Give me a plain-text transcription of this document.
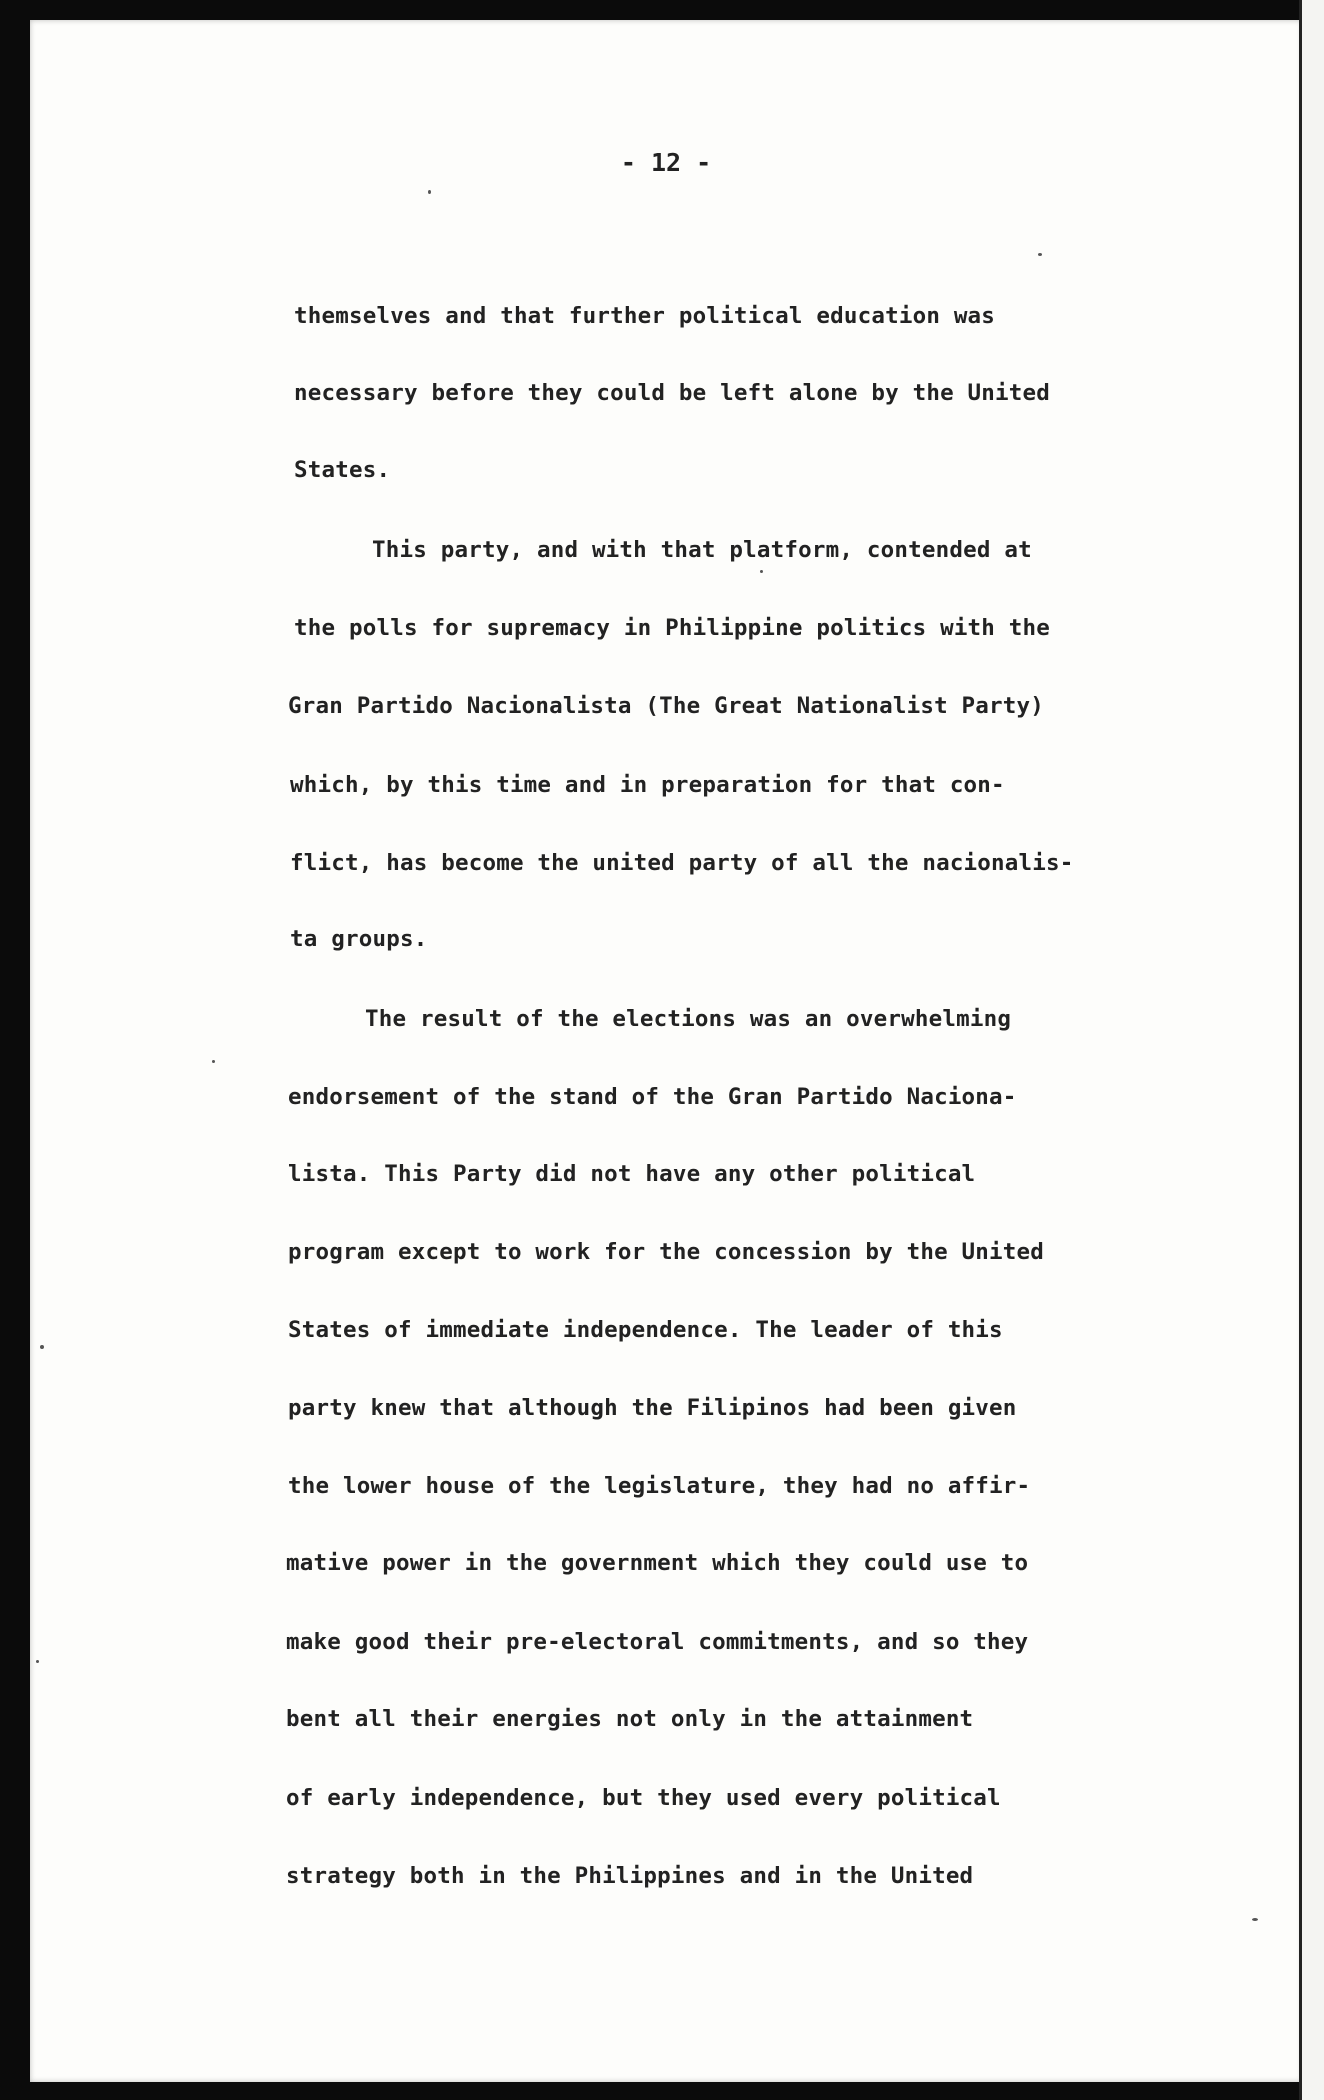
- 12 -
themselves and that further political education was
necessary before they could be left alone by the United
States.
This party, and with that platform, contended at
the polls for supremacy in Philippine politics with the
Gran Partido Nacionalista (The Great Nationalist Party)
which, by this time and in preparation for that con-
flict, has become the united party of all the nacionalis-
ta groups.
The result of the elections was an overwhelming
endorsement of the stand of the Gran Partido Naciona-
lista. This Party did not have any other political
program except to work for the concession by the United
States of immediate independence. The leader of this
party knew that although the Filipinos had been given
the lower house of the legislature, they had no affir-
mative power in the government which they could use to
make good their pre-electoral commitments, and so they
bent all their energies not only in the attainment
of early independence, but they used every political
strategy both in the Philippines and in the United
